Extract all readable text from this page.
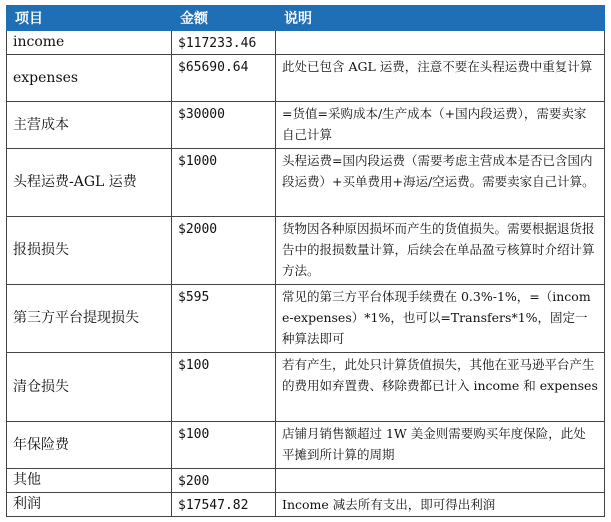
项目	金额	说明
income	$117233.46	
expenses	$65690.64	此处已包含 AGL 运费，注意不要在头程运费中重复计算
主营成本	$30000	=货值=采购成本/生产成本（+国内段运费），需要卖家自己计算
头程运费-AGL 运费	$1000	头程运费=国内段运费（需要考虑主营成本是否已含国内段运费）+买单费用+海运/空运费。需要卖家自己计算。
报损损失	$2000	货物因各种原因损坏而产生的货值损失。需要根据退货报告中的报损数量计算，后续会在单品盈亏核算时介绍计算方法。
第三方平台提现损失	$595	常见的第三方平台体现手续费在 0.3%-1%，=（income-expenses）*1%，也可以=Transfers*1%，固定一种算法即可
清仓损失	$100	若有产生，此处只计算货值损失，其他在亚马逊平台产生的费用如弃置费、移除费都已计入 income 和 expenses
年保险费	$100	店铺月销售额超过 1W 美金则需要购买年度保险，此处平摊到所计算的周期
其他	$200	
利润	$17547.82	Income 减去所有支出，即可得出利润
